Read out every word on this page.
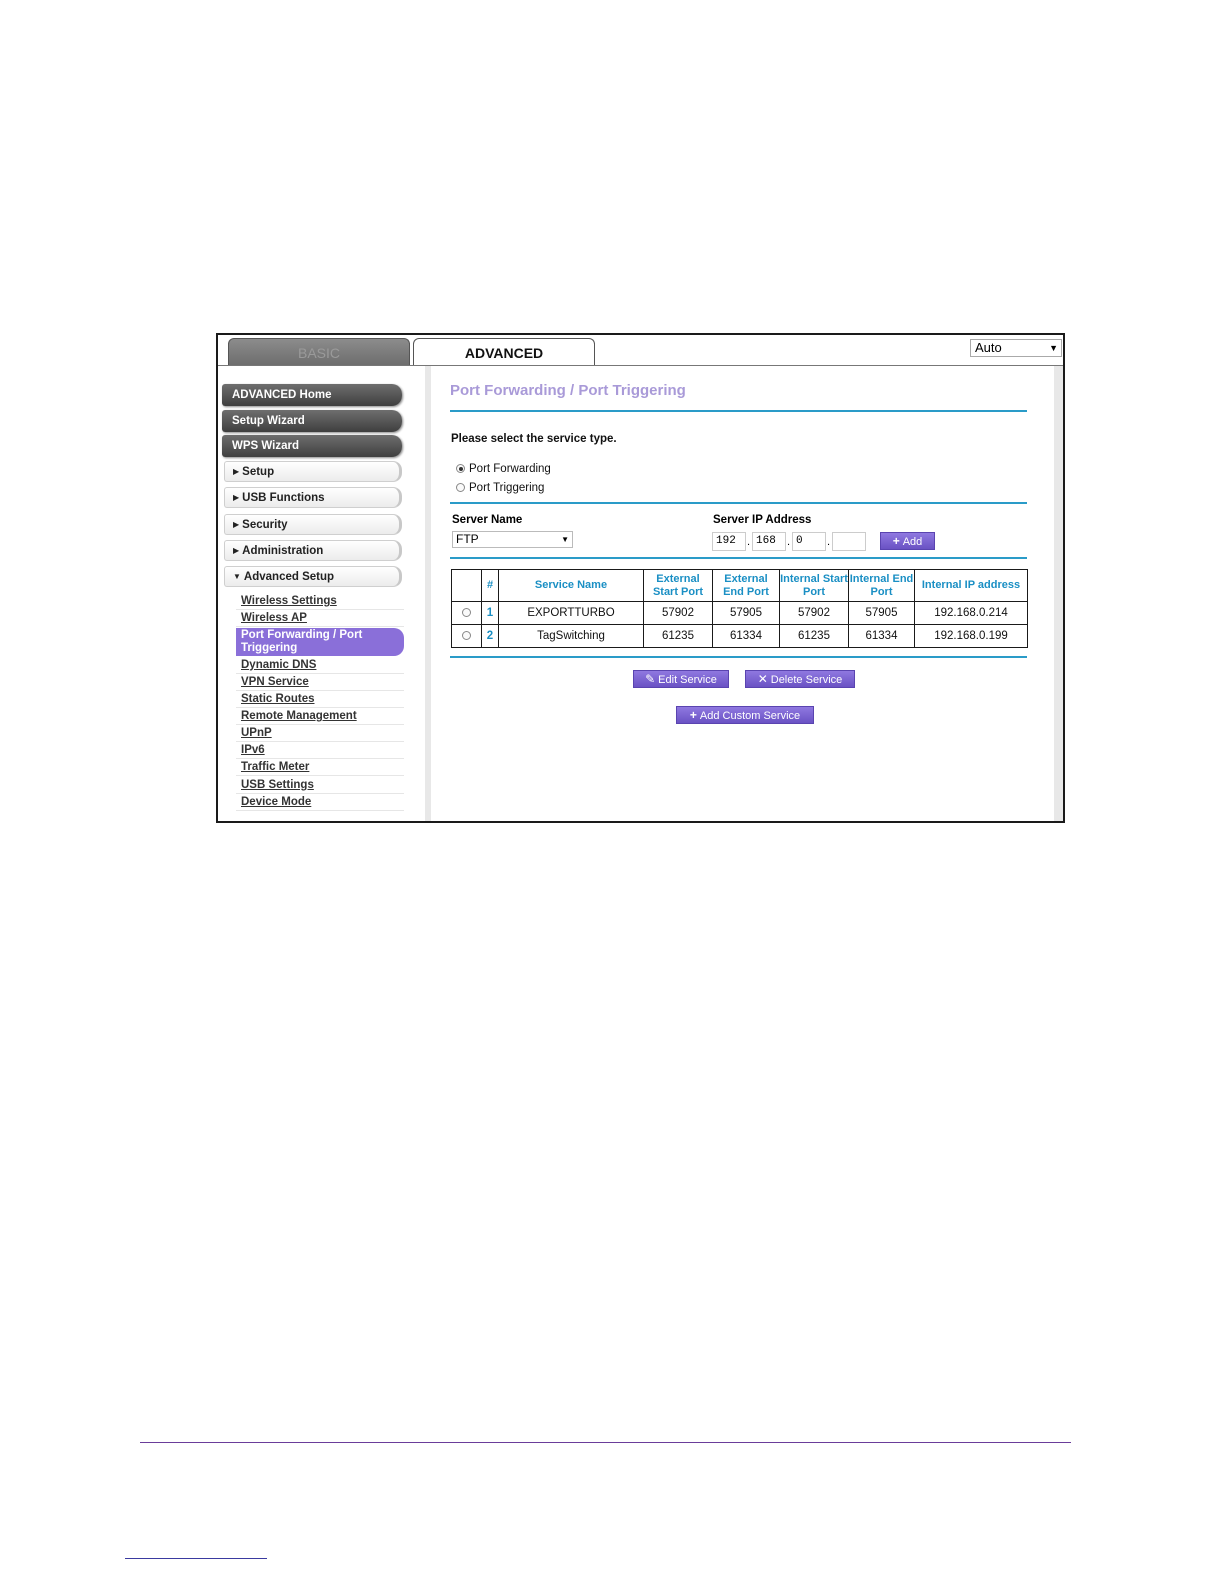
BASIC	ADVANCED	Auto	▼
ADVANCED Home
Setup Wizard
WPS Wizard
▶ Setup
▶ USB Functions
▶ Security
▶ Administration
▼ Advanced Setup
Wireless Settings
Wireless AP
Port Forwarding / Port Triggering
Dynamic DNS
VPN Service
Static Routes
Remote Management
UPnP
IPv6
Traffic Meter
USB Settings
Device Mode
Port Forwarding / Port Triggering
Please select the service type.
Port Forwarding
Port Triggering
Server Name	Server IP Address
FTP	▼	192	. 168	. 0	.	+ Add
	#	Service Name	External Start Port	External End Port	Internal Start Port	Internal End Port	Internal IP address
	1	EXPORTTURBO	57902	57905	57902	57905	192.168.0.214
	2	TagSwitching	61235	61334	61235	61334	192.168.0.199
✎ Edit Service	✕ Delete Service
+ Add Custom Service
